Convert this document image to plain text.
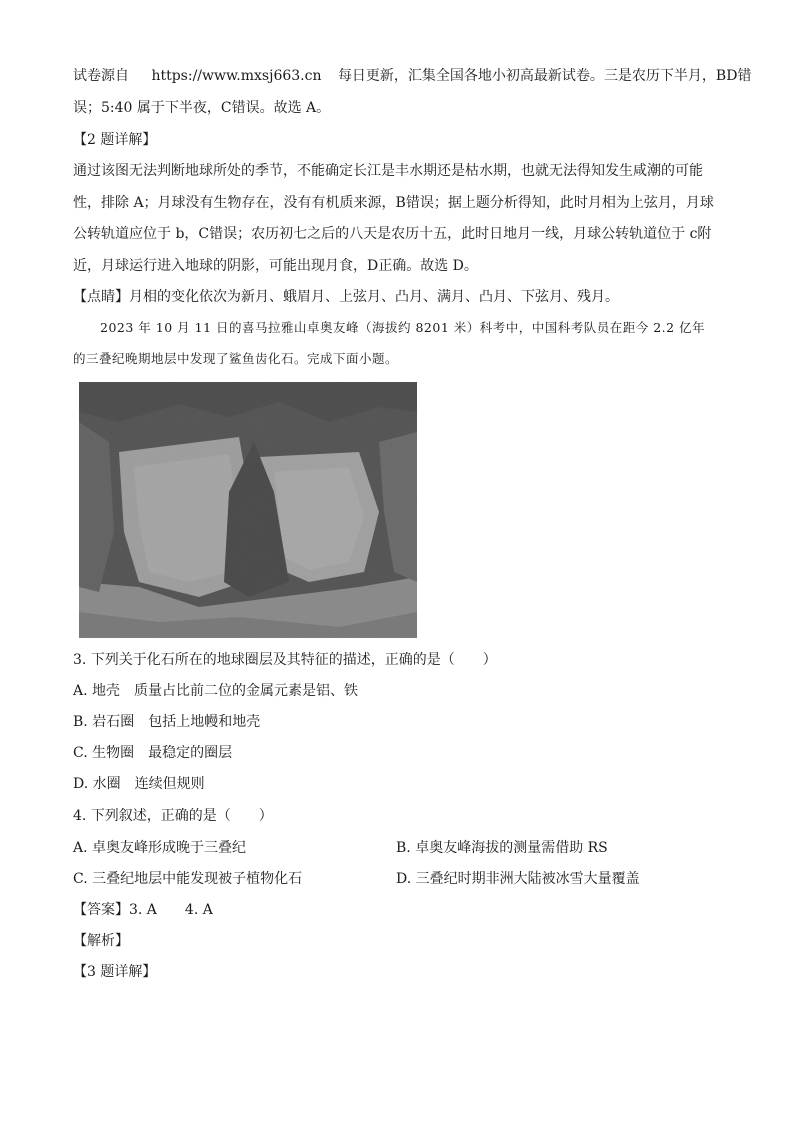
试卷源自 https://www.mxsj663.cn 每日更新，汇集全国各地小初高最新试卷。三是农历下半月，BD错
误；5:40 属于下半夜，C错误。故选 A。
【2 题详解】
通过该图无法判断地球所处的季节，不能确定长江是丰水期还是枯水期，也就无法得知发生咸潮的可能
性，排除 A；月球没有生物存在，没有有机质来源，B错误；据上题分析得知，此时月相为上弦月，月球
公转轨道应位于 b，C错误；农历初七之后的八天是农历十五，此时日地月一线，月球公转轨道位于 c附
近，月球运行进入地球的阴影，可能出现月食，D正确。故选 D。
【点睛】月相的变化依次为新月、蛾眉月、上弦月、凸月、满月、凸月、下弦月、残月。
2023 年 10 月 11 日的喜马拉雅山卓奥友峰（海拔约 8201 米）科考中，中国科考队员在距今 2.2 亿年
的三叠纪晚期地层中发现了鲨鱼齿化石。完成下面小题。
3. 下列关于化石所在的地球圈层及其特征的描述，正确的是（　　）
A. 地壳　质量占比前二位的金属元素是铝、铁
B. 岩石圈　包括上地幔和地壳
C. 生物圈　最稳定的圈层
D. 水圈　连续但规则
4. 下列叙述，正确的是（　　）
A. 卓奥友峰形成晚于三叠纪	B. 卓奥友峰海拔的测量需借助 RS
C. 三叠纪地层中能发现被子植物化石	D. 三叠纪时期非洲大陆被冰雪大量覆盖
【答案】3. A　　4. A
【解析】
【3 题详解】
